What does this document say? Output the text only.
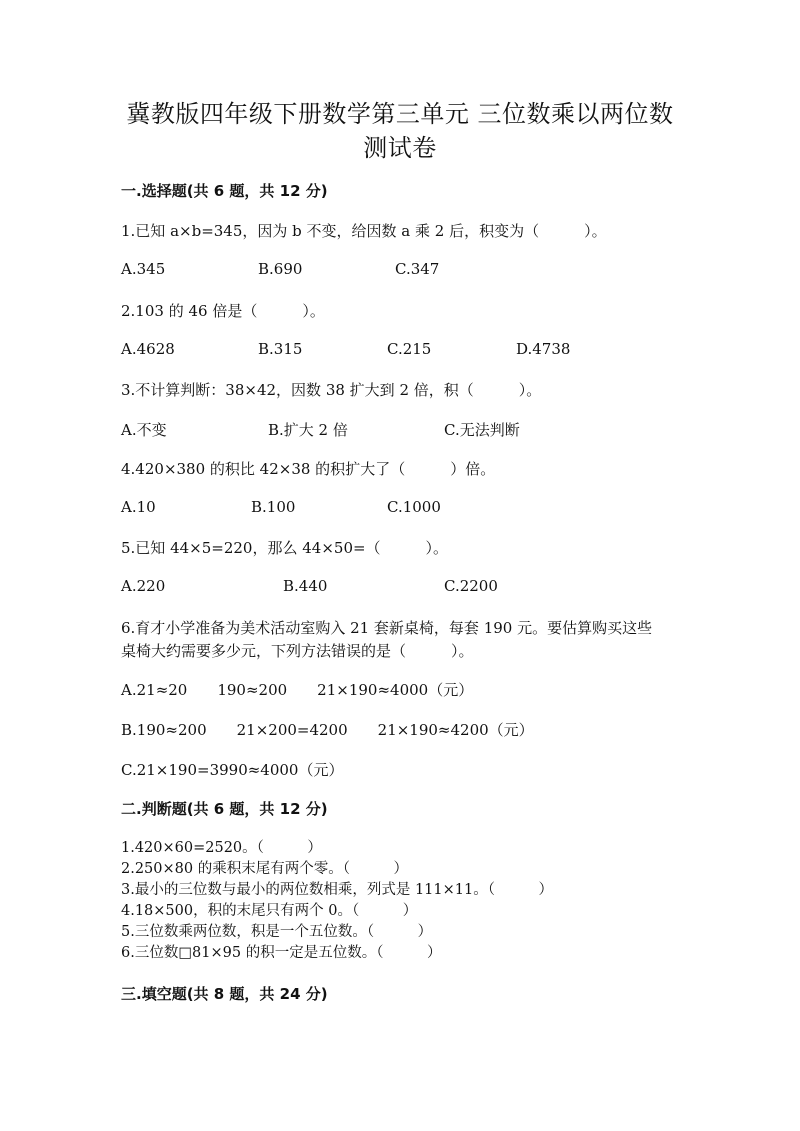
冀教版四年级下册数学第三单元 三位数乘以两位数
测试卷
一.选择题(共 6 题，共 12 分)
1.已知 a×b=345，因为 b 不变，给因数 a 乘 2 后，积变为（　　　）。
A.345	B.690	C.347
2.103 的 46 倍是（　　　）。
A.4628	B.315	C.215	D.4738
3.不计算判断：38×42，因数 38 扩大到 2 倍，积（　　　）。
A.不变	B.扩大 2 倍	C.无法判断
4.420×380 的积比 42×38 的积扩大了（　　　）倍。
A.10	B.100	C.1000
5.已知 44×5=220，那么 44×50=（　　　）。
A.220	B.440	C.2200
6.育才小学准备为美术活动室购入 21 套新桌椅，每套 190 元。要估算购买这些
桌椅大约需要多少元，下列方法错误的是（　　　）。
A.21≈20　　190≈200　　21×190≈4000（元）
B.190≈200　　21×200=4200　　21×190≈4200（元）
C.21×190=3990≈4000（元）
二.判断题(共 6 题，共 12 分)
1.420×60=2520。（　　　）
2.250×80 的乘积末尾有两个零。（　　　）
3.最小的三位数与最小的两位数相乘，列式是 111×11。（　　　）
4.18×500，积的末尾只有两个 0。（　　　）
5.三位数乘两位数，积是一个五位数。（　　　）
6.三位数□81×95 的积一定是五位数。（　　　）
三.填空题(共 8 题，共 24 分)
